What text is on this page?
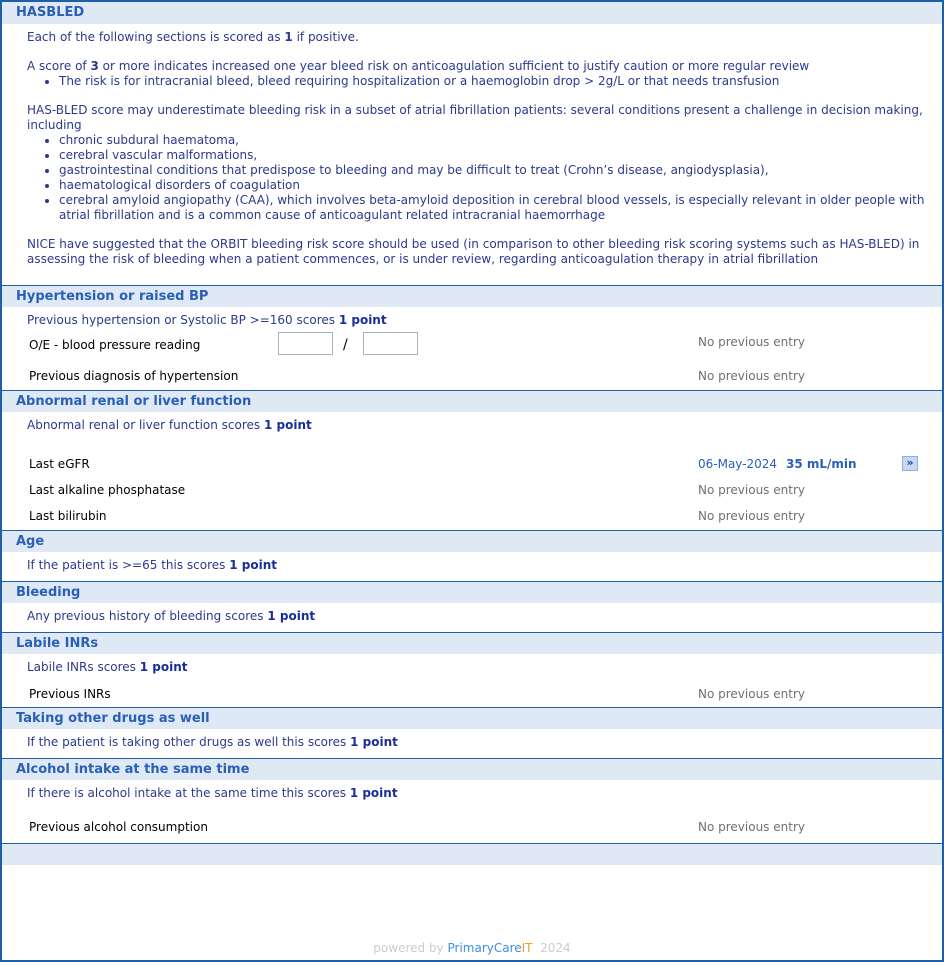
HASBLED

Each of the following sections is scored as 1 if positive.

A score of 3 or more indicates increased one year bleed risk on anticoagulation sufficient to justify caution or more regular review

• The risk is for intracranial bleed, bleed requiring hospitalization or a haemoglobin drop > 2g/L or that needs transfusion

HAS-BLED score may underestimate bleeding risk in a subset of atrial fibrillation patients: several conditions present a challenge in decision making, including

• chronic subdural haematoma,
• cerebral vascular malformations,
• gastrointestinal conditions that predispose to bleeding and may be difficult to treat (Crohn’s disease, angiodysplasia),
• haematological disorders of coagulation
• cerebral amyloid angiopathy (CAA), which involves beta-amyloid deposition in cerebral blood vessels, is especially relevant in older people with atrial fibrillation and is a common cause of anticoagulant related intracranial haemorrhage

NICE have suggested that the ORBIT bleeding risk score should be used (in comparison to other bleeding risk scoring systems such as HAS-BLED) in assessing the risk of bleeding when a patient commences, or is under review, regarding anticoagulation therapy in atrial fibrillation

Hypertension or raised BP
Previous hypertension or Systolic BP >=160 scores 1 point
O/E - blood pressure reading	/	No previous entry
Previous diagnosis of hypertension	No previous entry
Abnormal renal or liver function
Abnormal renal or liver function scores 1 point
Last eGFR	06-May-2024 35 mL/min	»
Last alkaline phosphatase	No previous entry
Last bilirubin	No previous entry
Age
If the patient is >=65 this scores 1 point
Bleeding
Any previous history of bleeding scores 1 point
Labile INRs
Labile INRs scores 1 point
Previous INRs	No previous entry
Taking other drugs as well
If the patient is taking other drugs as well this scores 1 point
Alcohol intake at the same time
If there is alcohol intake at the same time this scores 1 point
Previous alcohol consumption	No previous entry
powered by PrimaryCareIT 2024
